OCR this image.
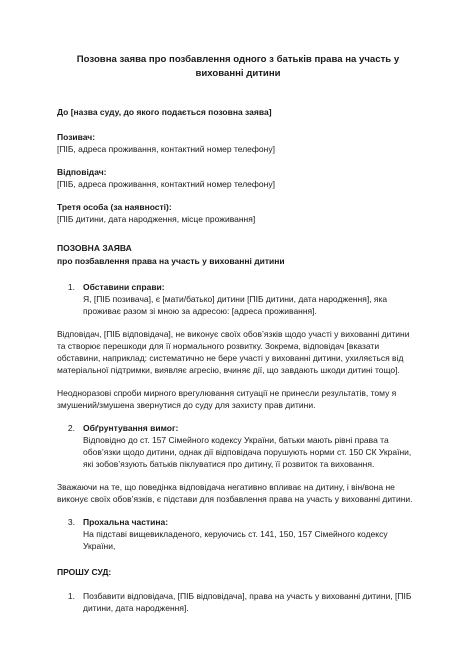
Позовна заява про позбавлення одного з батьків права на участь у
вихованні дитини
До [назва суду, до якого подається позовна заява]
Позивач:
[ПІБ, адреса проживання, контактний номер телефону]
Відповідач:
[ПІБ, адреса проживання, контактний номер телефону]
Третя особа (за наявності):
[ПІБ дитини, дата народження, місце проживання]
ПОЗОВНА ЗАЯВА
про позбавлення права на участь у вихованні дитини
1. Обставини справи:
Я, [ПІБ позивача], є [мати/батько] дитини [ПІБ дитини, дата народження], яка проживає разом зі мною за адресою: [адреса проживання].
Відповідач, [ПІБ відповідача], не виконує своїх обов’язків щодо участі у вихованні дитини та створює перешкоди для її нормального розвитку. Зокрема, відповідач [вказати обставини, наприклад: систематично не бере участі у вихованні дитини, ухиляється від матеріальної підтримки, виявляє агресію, вчиняє дії, що завдають шкоди дитині тощо].
Неодноразові спроби мирного врегулювання ситуації не принесли результатів, тому я змушений/змушена звернутися до суду для захисту прав дитини.
2. Обґрунтування вимог:
Відповідно до ст. 157 Сімейного кодексу України, батьки мають рівні права та обов’язки щодо дитини, однак дії відповідача порушують норми ст. 150 СК України, які зобов’язують батьків піклуватися про дитину, її розвиток та виховання.
Зважаючи на те, що поведінка відповідача негативно впливає на дитину, і він/вона не виконує своїх обов’язків, є підстави для позбавлення права на участь у вихованні дитини.
3. Прохальна частина:
На підставі вищевикладеного, керуючись ст. 141, 150, 157 Сімейного кодексу України,
ПРОШУ СУД:
1. Позбавити відповідача, [ПІБ відповідача], права на участь у вихованні дитини, [ПІБ дитини, дата народження].
